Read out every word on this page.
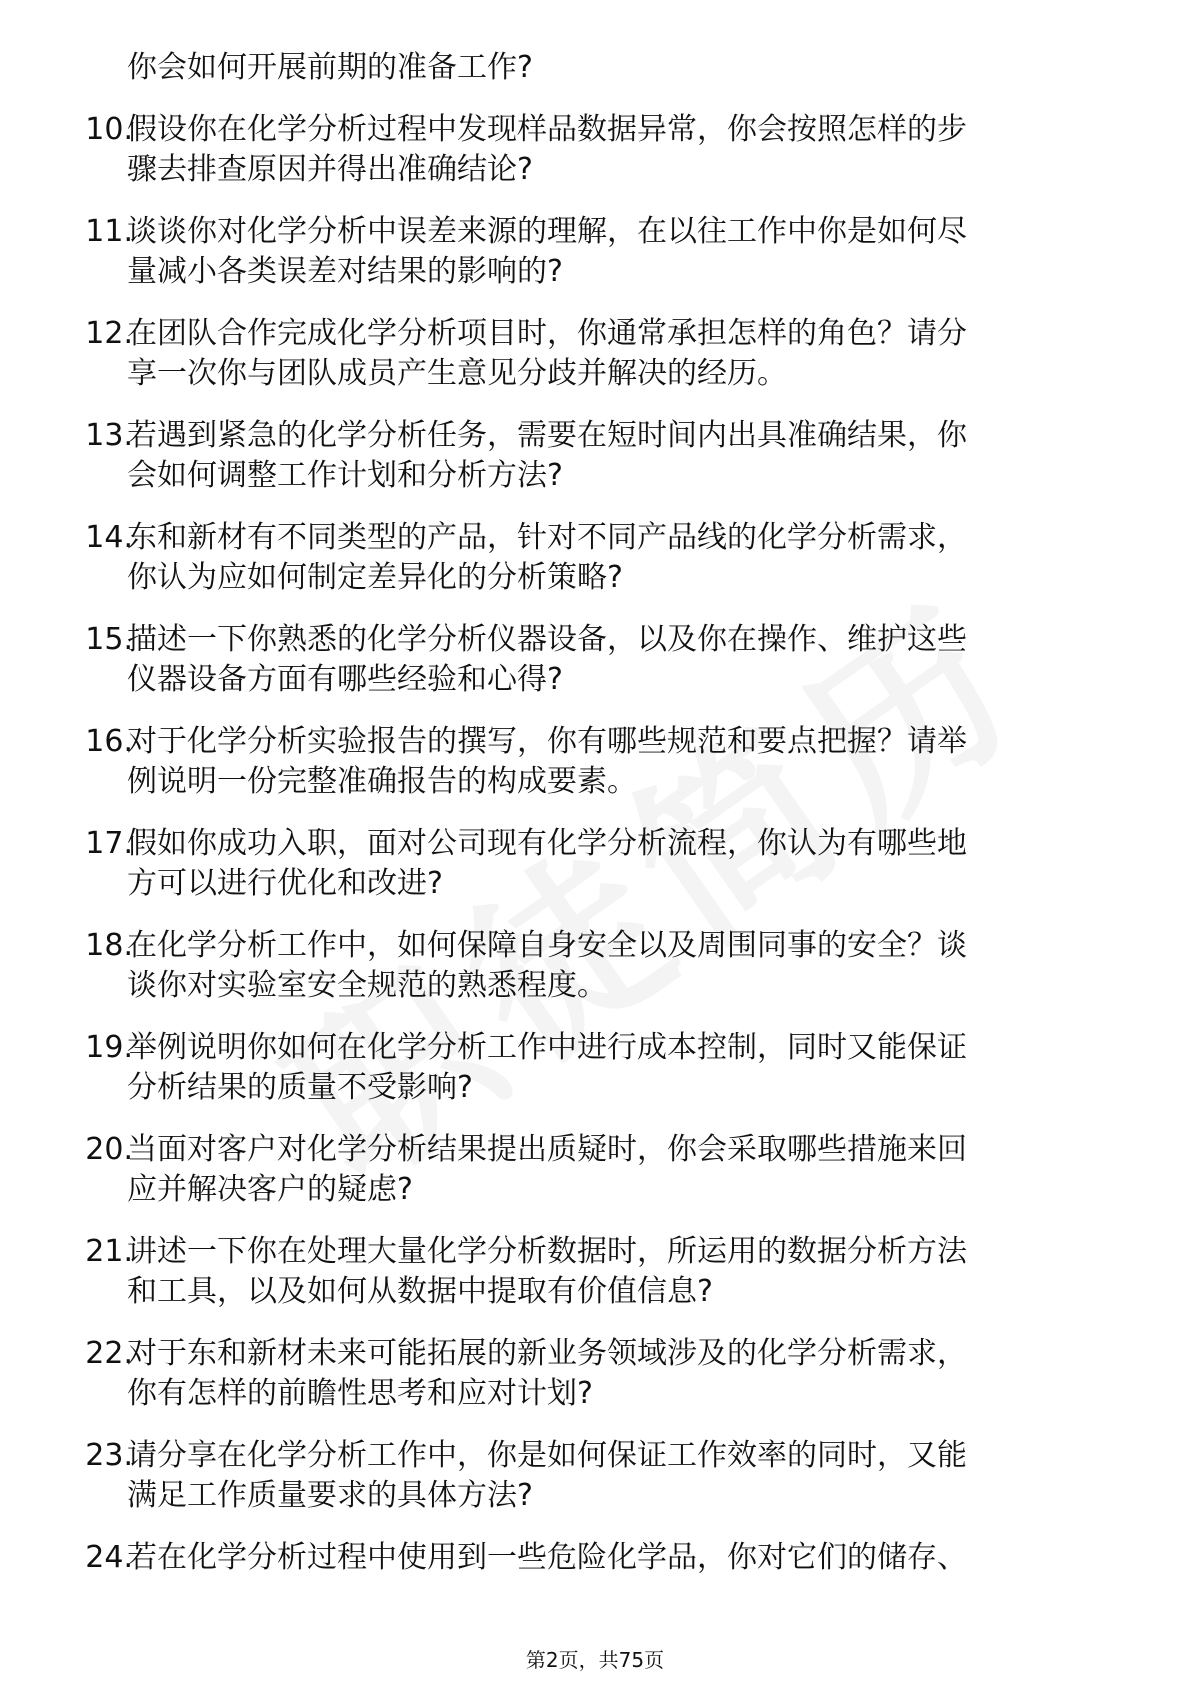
你会如何开展前期的准备工作?
10.
假设你在化学分析过程中发现样品数据异常，你会按照怎样的步
骤去排查原因并得出准确结论?
11.
谈谈你对化学分析中误差来源的理解，在以往工作中你是如何尽
量减小各类误差对结果的影响的?
12.
在团队合作完成化学分析项目时，你通常承担怎样的角色？请分
享一次你与团队成员产生意见分歧并解决的经历。
13.
若遇到紧急的化学分析任务，需要在短时间内出具准确结果，你
会如何调整工作计划和分析方法?
14.
东和新材有不同类型的产品，针对不同产品线的化学分析需求，
你认为应如何制定差异化的分析策略?
15.
描述一下你熟悉的化学分析仪器设备，以及你在操作、维护这些
仪器设备方面有哪些经验和心得?
16.
对于化学分析实验报告的撰写，你有哪些规范和要点把握？请举
例说明一份完整准确报告的构成要素。
17.
假如你成功入职，面对公司现有化学分析流程，你认为有哪些地
方可以进行优化和改进?
18.
在化学分析工作中，如何保障自身安全以及周围同事的安全？谈
谈你对实验室安全规范的熟悉程度。
19.
举例说明你如何在化学分析工作中进行成本控制，同时又能保证
分析结果的质量不受影响?
20.
当面对客户对化学分析结果提出质疑时，你会采取哪些措施来回
应并解决客户的疑虑?
21.
讲述一下你在处理大量化学分析数据时，所运用的数据分析方法
和工具，以及如何从数据中提取有价值信息?
22.
对于东和新材未来可能拓展的新业务领域涉及的化学分析需求，
你有怎样的前瞻性思考和应对计划?
23.
请分享在化学分析工作中，你是如何保证工作效率的同时，又能
满足工作质量要求的具体方法?
24.
若在化学分析过程中使用到一些危险化学品，你对它们的储存、
第2页，共75页
